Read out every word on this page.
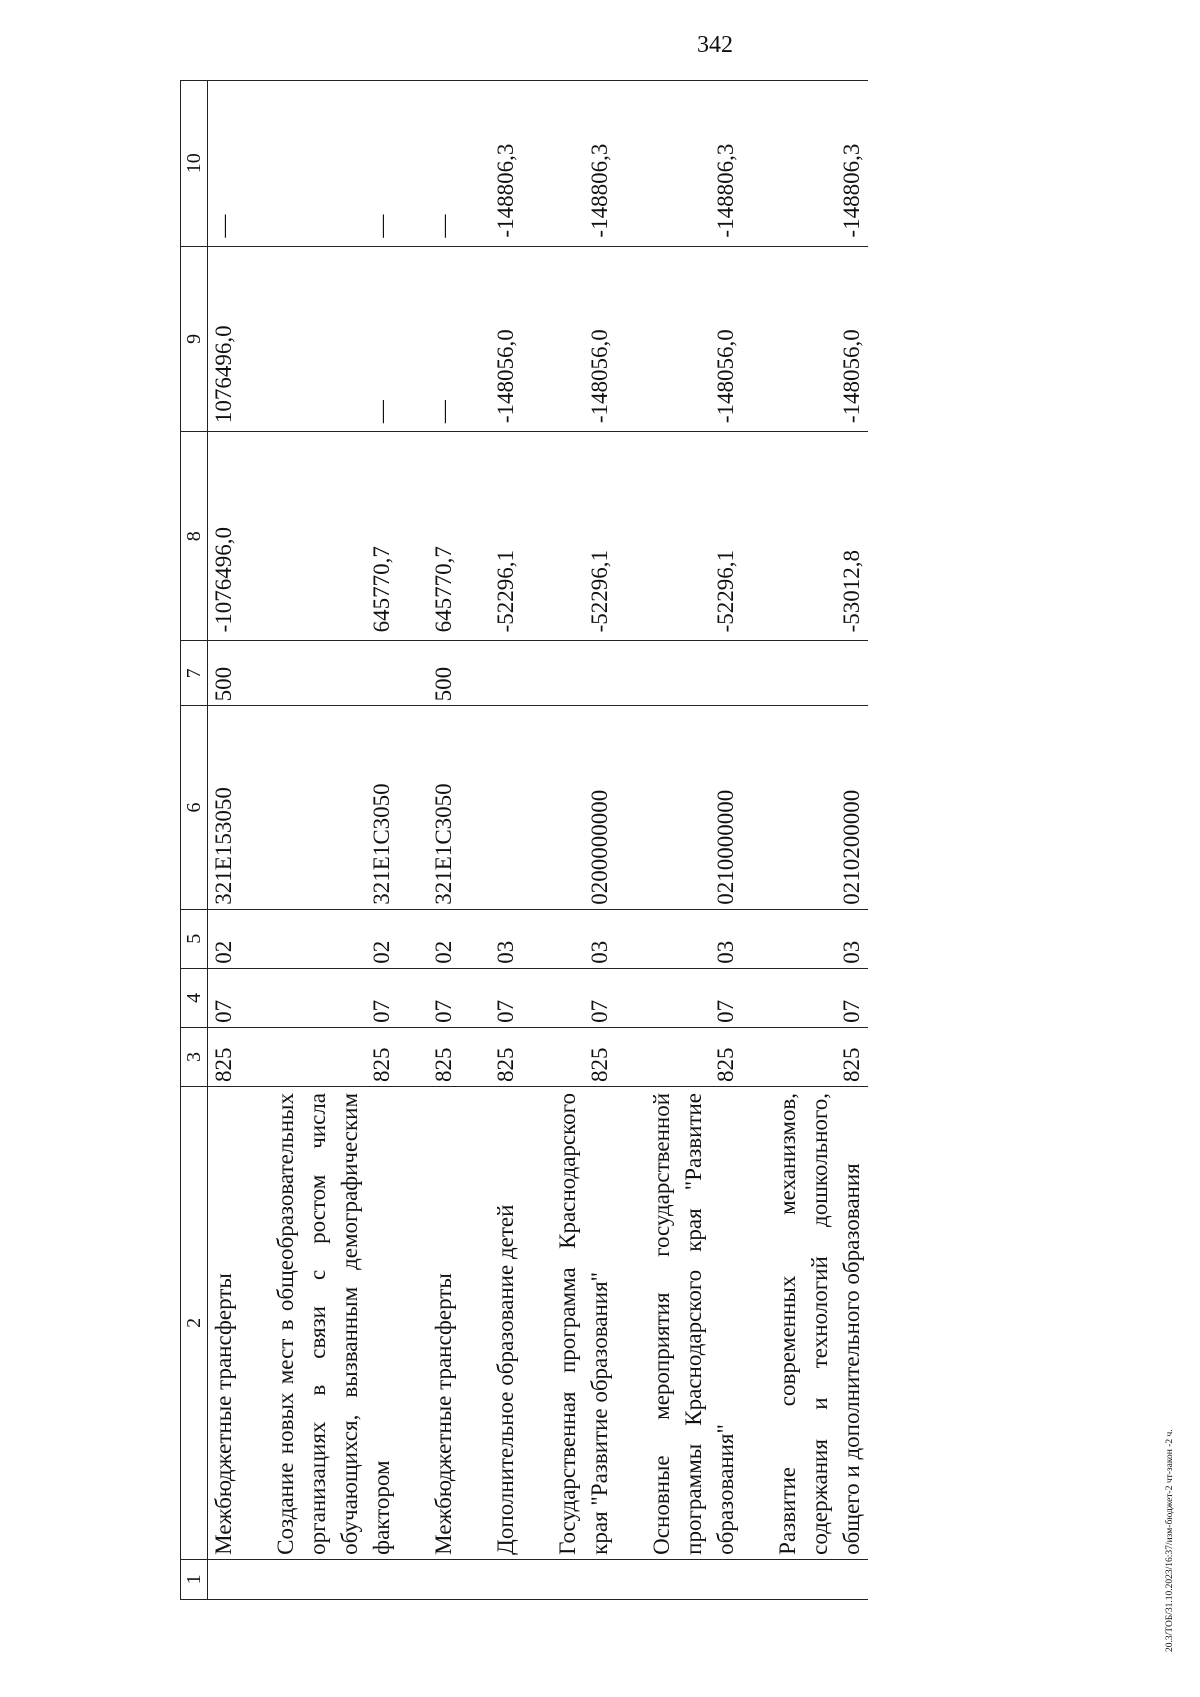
342
20.3/ТОБ/31.10.2023/16:37/изм-бюджет-2 чт-закон -2 ч.
1	2	3	4	5	6	7	8	9	10
	Межбюджетные трансферты	825	07	02	321E153050	500	-1076496,0	1076496,0	—

	Создание новых мест в общеобразовательных организациях в связи с ростом числа обучающихся, вызванным демографическим фактором	825	07	02	321E1С3050		645770,7	—	—

	Межбюджетные трансферты	825	07	02	321E1С3050	500	645770,7	—	—

	Дополнительное образование детей	825	07	03			-52296,1	-148056,0	-148806,3

	Государственная программа Краснодарского края "Развитие образования"	825	07	03	0200000000		-52296,1	-148056,0	-148806,3

	Основные мероприятия государственной программы Краснодарского края "Развитие образования"	825	07	03	0210000000		-52296,1	-148056,0	-148806,3

	Развитие современных механизмов, содержания и технологий дошкольного, общего и дополнительного образования	825	07	03	0210200000		-53012,8	-148056,0	-148806,3
